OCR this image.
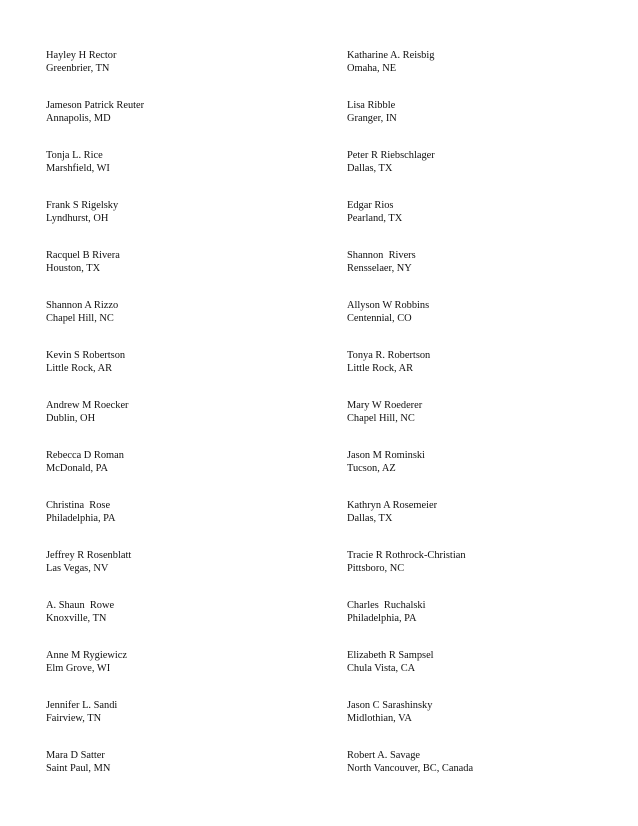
Hayley H Rector
Greenbrier, TN
Jameson Patrick Reuter
Annapolis, MD
Tonja L. Rice
Marshfield, WI
Frank S Rigelsky
Lyndhurst, OH
Racquel B Rivera
Houston, TX
Shannon A Rizzo
Chapel Hill, NC
Kevin S Robertson
Little Rock, AR
Andrew M Roecker
Dublin, OH
Rebecca D Roman
McDonald, PA
Christina  Rose
Philadelphia, PA
Jeffrey R Rosenblatt
Las Vegas, NV
A. Shaun  Rowe
Knoxville, TN
Anne M Rygiewicz
Elm Grove, WI
Jennifer L. Sandi
Fairview, TN
Mara D Satter
Saint Paul, MN
Katharine A. Reisbig
Omaha, NE
Lisa Ribble
Granger, IN
Peter R Riebschlager
Dallas, TX
Edgar Rios
Pearland, TX
Shannon  Rivers
Rensselaer, NY
Allyson W Robbins
Centennial, CO
Tonya R. Robertson
Little Rock, AR
Mary W Roederer
Chapel Hill, NC
Jason M Rominski
Tucson, AZ
Kathryn A Rosemeier
Dallas, TX
Tracie R Rothrock-Christian
Pittsboro, NC
Charles  Ruchalski
Philadelphia, PA
Elizabeth R Sampsel
Chula Vista, CA
Jason C Sarashinsky
Midlothian, VA
Robert A. Savage
North Vancouver, BC, Canada
